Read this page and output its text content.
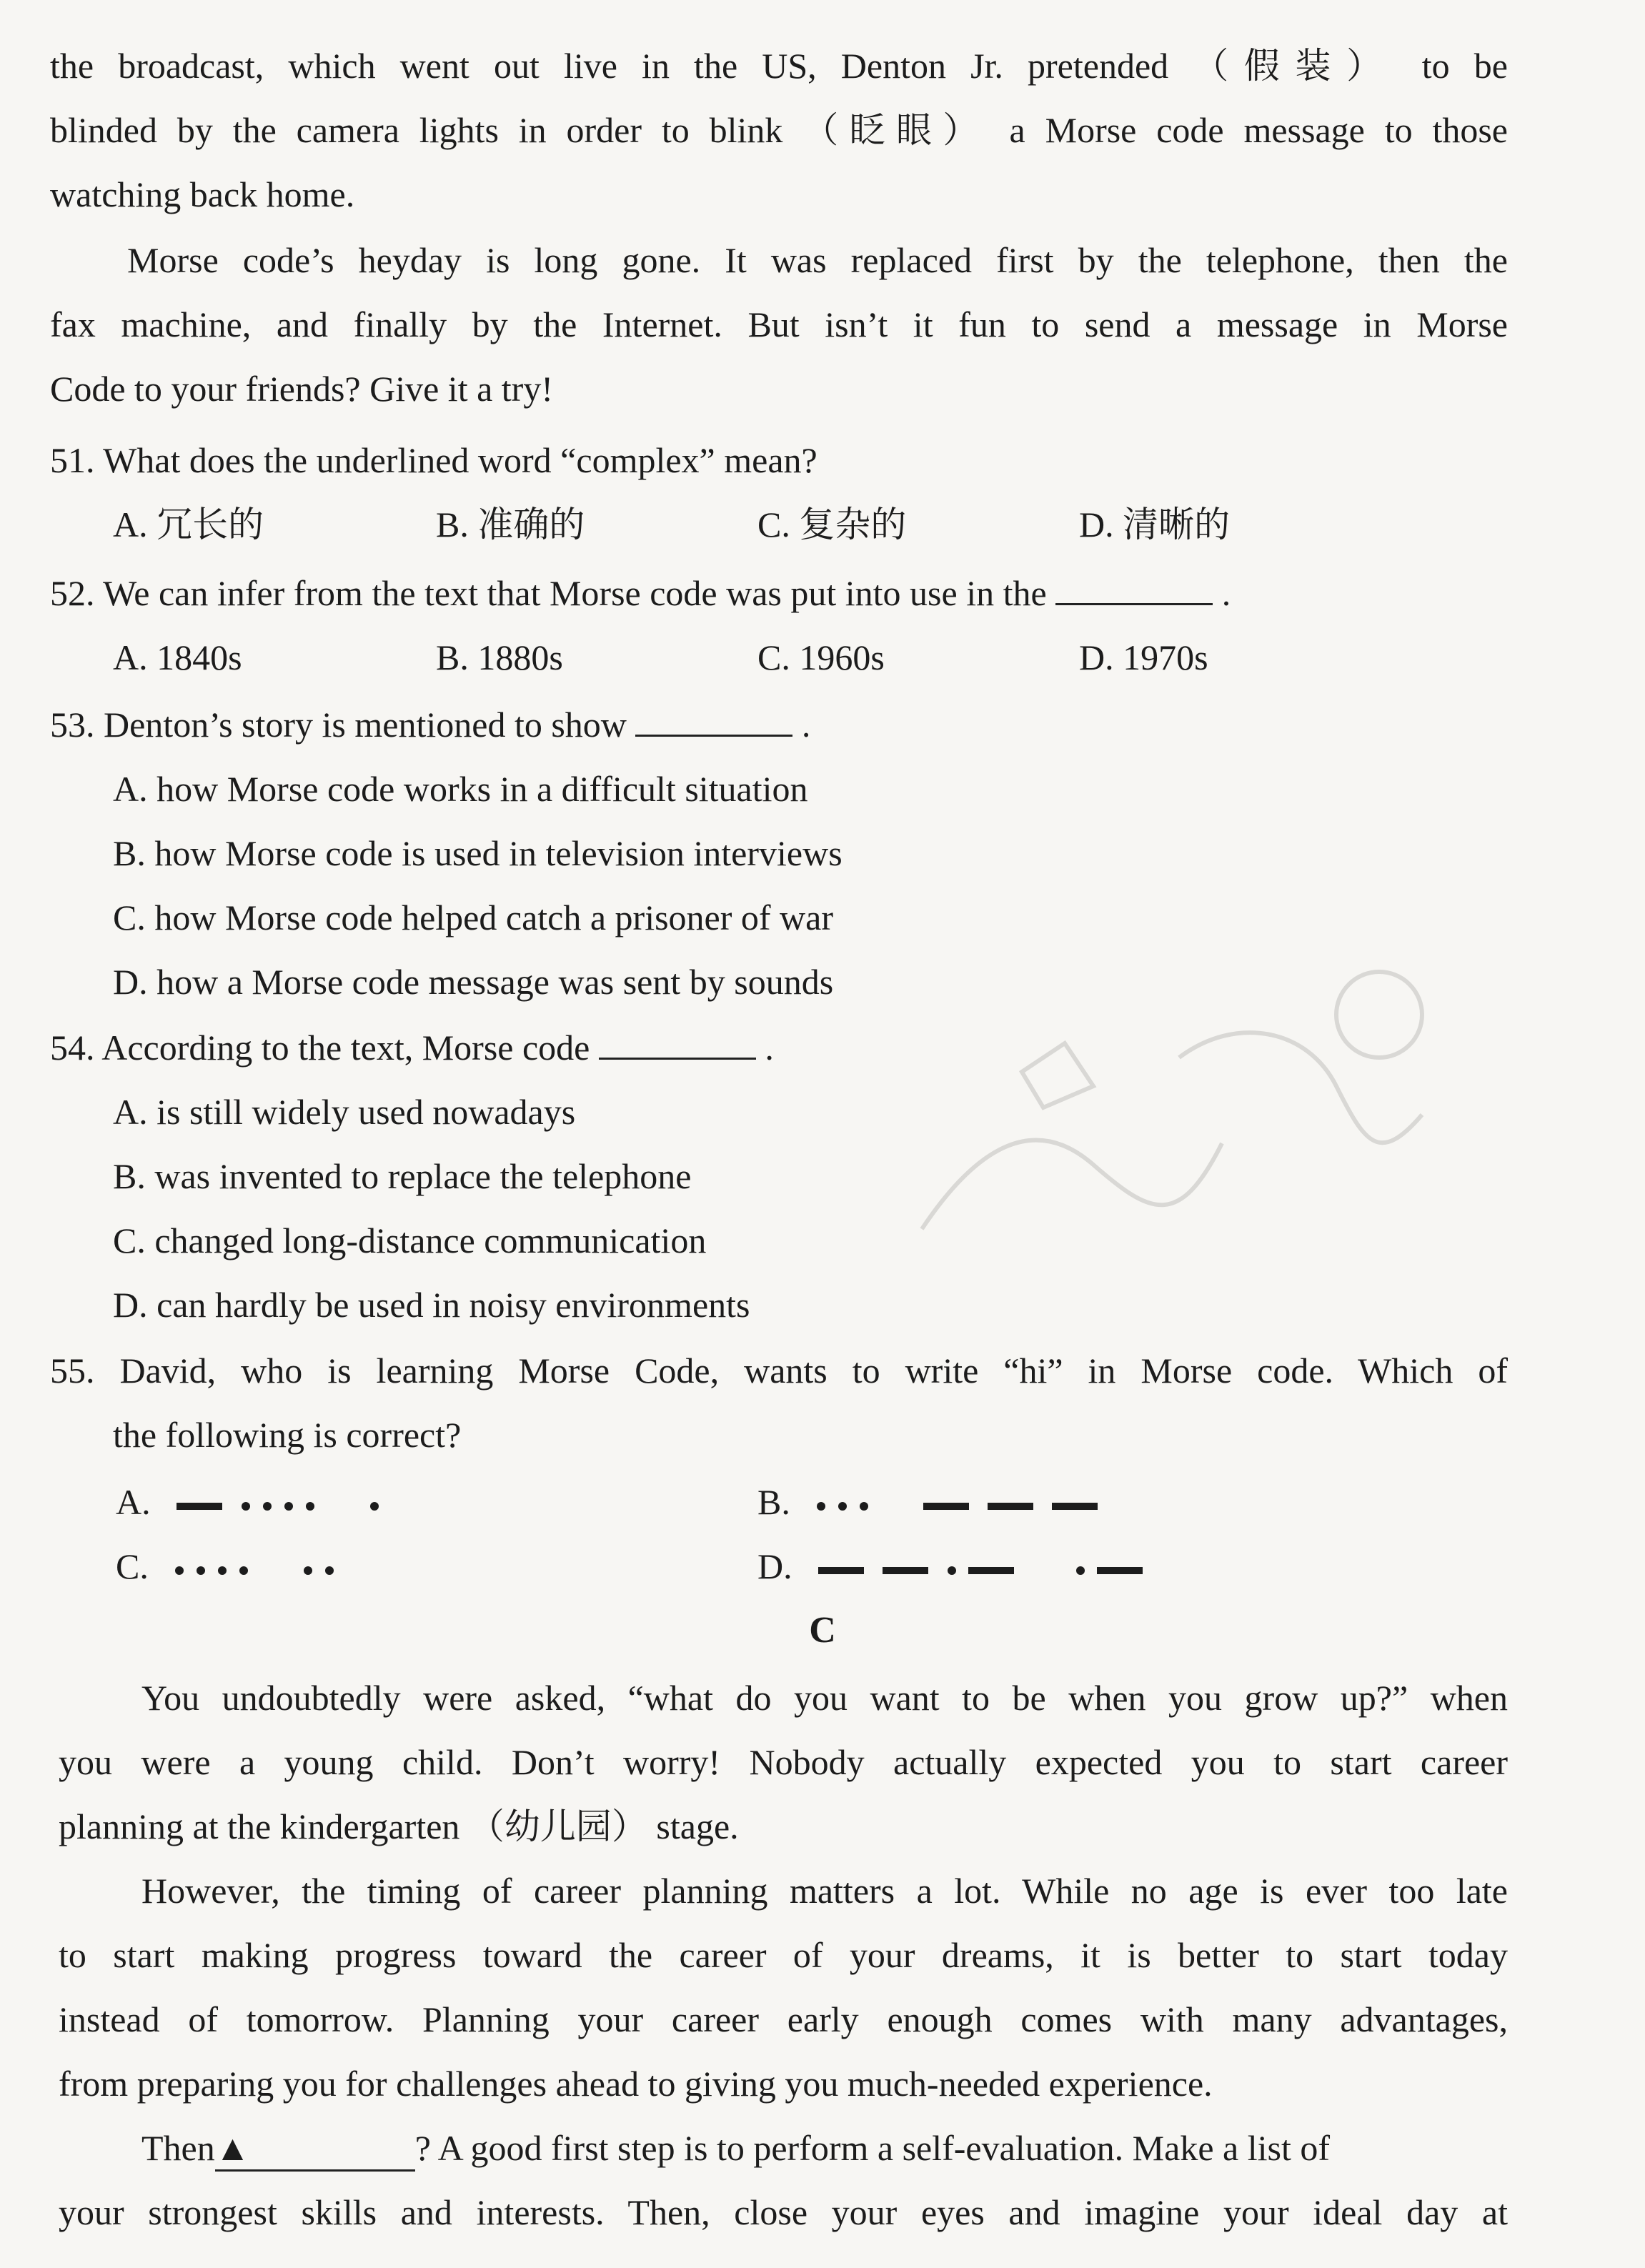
the broadcast, which went out live in the US, Denton Jr. pretended （假装） to be
blinded by the camera lights in order to blink （眨眼） a Morse code message to those
watching back home.
Morse code’s heyday is long gone. It was replaced first by the telephone, then the
fax machine, and finally by the Internet. But isn’t it fun to send a message in Morse
Code to your friends? Give it a try!
51. What does the underlined word “complex” mean?
A. 冗长的	B. 准确的	C. 复杂的	D. 清晰的
52. We can infer from the text that Morse code was put into use in the	.
A. 1840s	B. 1880s	C. 1960s	D. 1970s
53. Denton’s story is mentioned to show	.
A. how Morse code works in a difficult situation
B. how Morse code is used in television interviews
C. how Morse code helped catch a prisoner of war
D. how a Morse code message was sent by sounds
54. According to the text, Morse code	.
A. is still widely used nowadays
B. was invented to replace the telephone
C. changed long-distance communication
D. can hardly be used in noisy environments
55. David, who is learning Morse Code, wants to write “hi” in Morse code. Which of
the following is correct?
A.	B.
C.	D.
C
You undoubtedly were asked, “what do you want to be when you grow up?” when
you were a young child. Don’t worry! Nobody actually expected you to start career
planning at the kindergarten （幼儿园） stage.
However, the timing of career planning matters a lot. While no age is ever too late
to start making progress toward the career of your dreams, it is better to start today
instead of tomorrow. Planning your career early enough comes with many advantages,
from preparing you for challenges ahead to giving you much-needed experience.
Then▲	? A good first step is to perform a self-evaluation. Make a list of
your strongest skills and interests. Then, close your eyes and imagine your ideal day at
